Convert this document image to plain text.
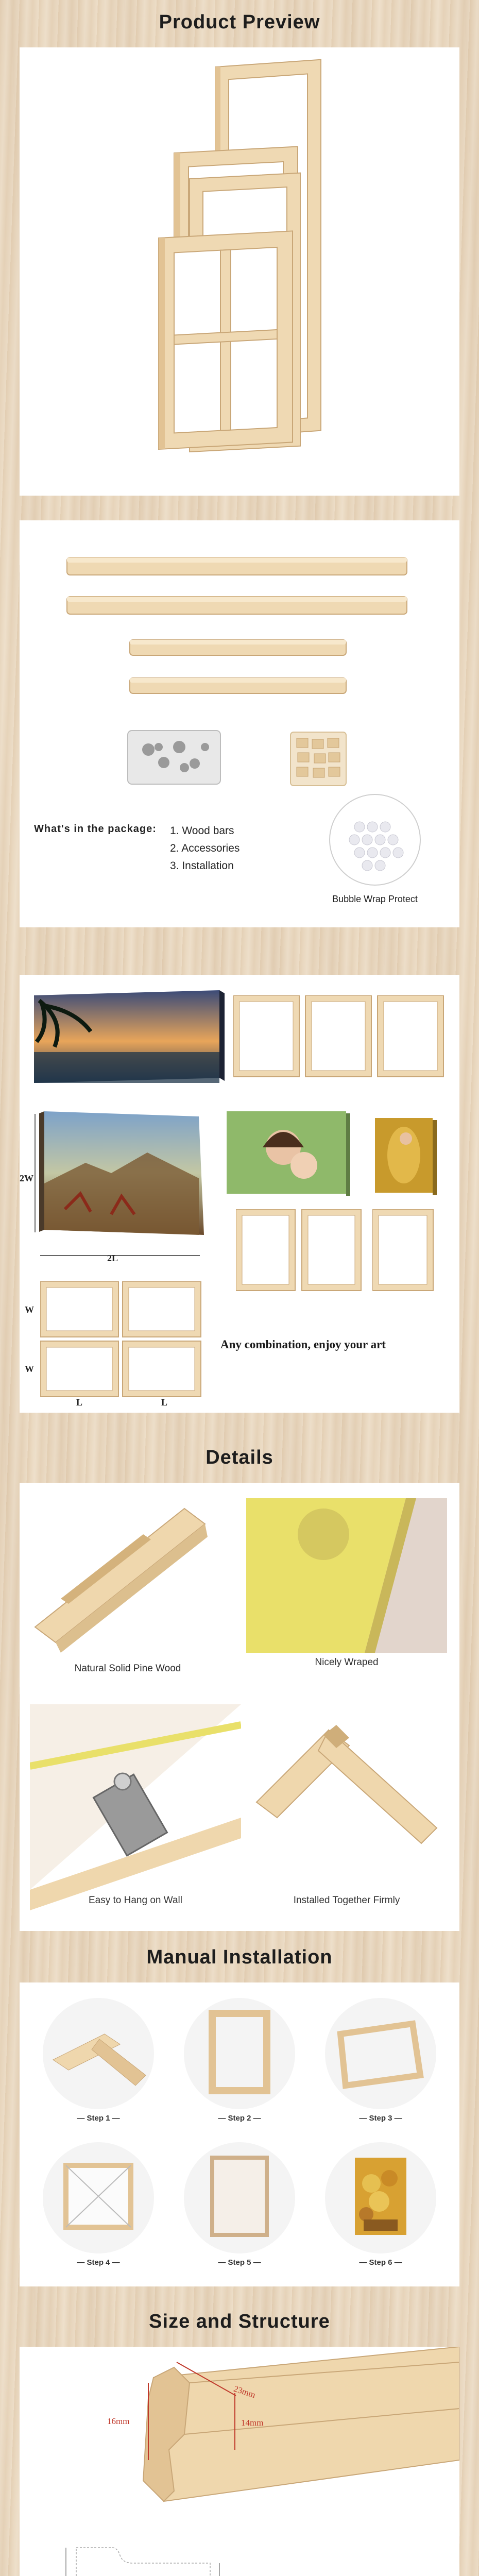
Product Preview
What's in the package: 1. Wood bars
2. Accessories
3. Installation
Bubble Wrap Protect
2W
2L
W
W
L	L
Any combination, enjoy your art
Details
Natural Solid Pine Wood
Nicely Wraped
Easy to Hang on Wall	Installed Together Firmly
Manual Installation
— Step 1 —	— Step 2 —	— Step 3 —
— Step 4 —	— Step 5 —	— Step 6 —
Size and Structure
23mm
16mm	14mm
